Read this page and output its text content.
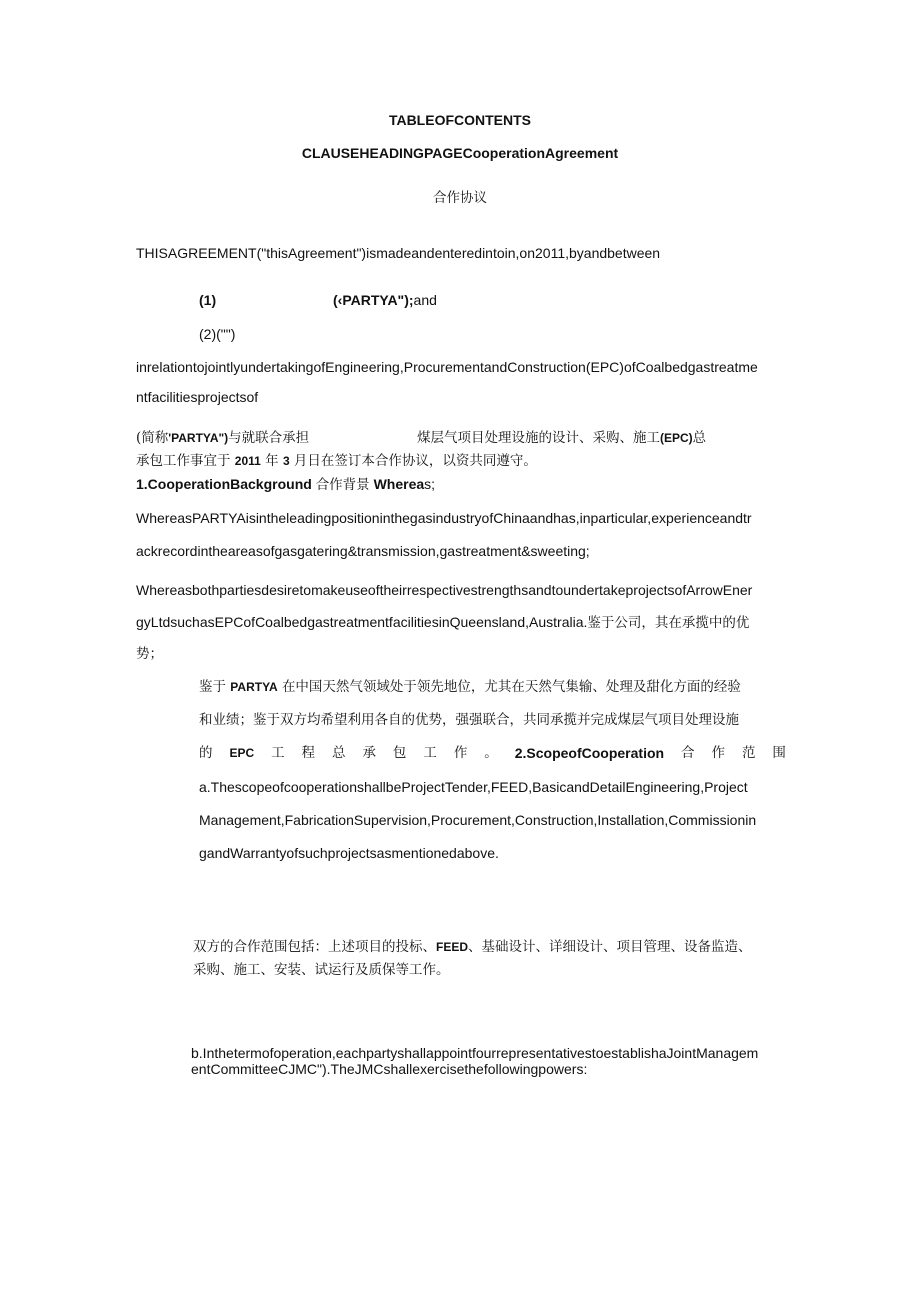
TABLEOFCONTENTS
CLAUSEHEADINGPAGECooperationAgreement
合作协议
THISAGREEMENT("thisAgreement")ismadeandenteredintoin,on2011,byandbetween
(1)	(‹PARTYA");and
(2)("")
inrelationtojointlyundertakingofEngineering,ProcurementandConstruction(EPC)ofCoalbedgastreatme
ntfacilitiesprojectsof
(简称'PARTYA")与就联合承担	煤层气项目处理设施的设计、采购、施工(EPC)总
承包工作事宜于 2011 年 3 月日在签订本合作协议，以资共同遵守。
1.CooperationBackground 合作背景 Whereas;
WhereasPARTYAisintheleadingpositioninthegasindustryofChinaandhas,inparticular,experienceandtr
ackrecordintheareasofgasgatering&transmission,gastreatment&sweeting;
WhereasbothpartiesdesiretomakeuseoftheirrespectivestrengthsandtoundertakeprojectsofArrowEner
gyLtdsuchasEPCofCoalbedgastreatmentfacilitiesinQueensland,Australia.鉴于公司，其在承揽中的优
势；
鉴于 PARTYA 在中国天然气领域处于领先地位，尤其在天然气集输、处理及甜化方面的经验
和业绩；鉴于双方均希望利用各自的优势，强强联合，共同承揽并完成煤层气项目处理设施
的 EPC 工 程 总 承 包 工 作 。 2.ScopeofCooperation 合 作 范 围
a.ThescopeofcooperationshallbeProjectTender,FEED,BasicandDetailEngineering,Project
Management,FabricationSupervision,Procurement,Construction,Installation,Commissionin
gandWarrantyofsuchprojectsasmentionedabove.
双方的合作范围包括：上述项目的投标、FEED、基础设计、详细设计、项目管理、设备监造、
采购、施工、安装、试运行及质保等工作。
b.Inthetermofoperation,eachpartyshallappointfourrepresentativestoestablishaJointManagem
entCommitteeCJMC").TheJMCshallexercisethefollowingpowers:
